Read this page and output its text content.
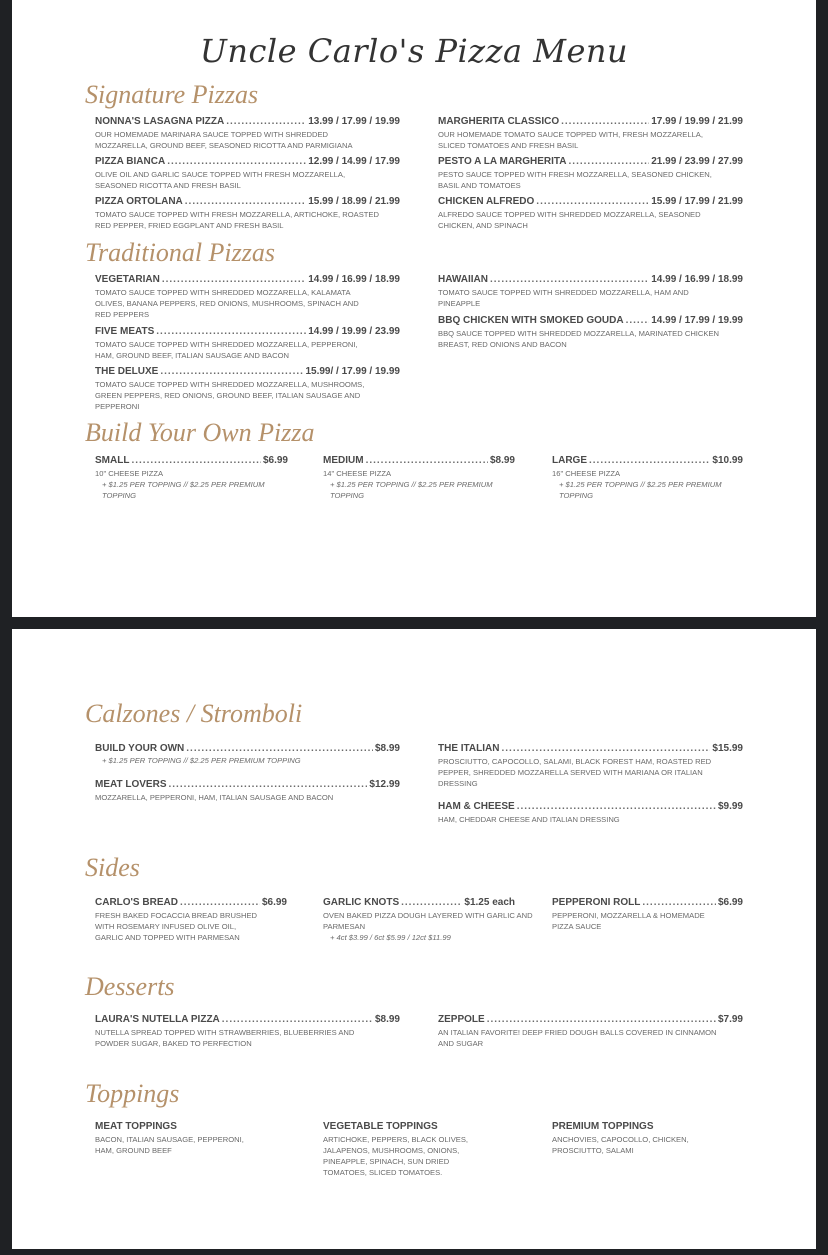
Uncle Carlo's Pizza Menu
Signature Pizzas
NONNA'S LASAGNA PIZZA .....	13.99 / 17.99 / 19.99
OUR HOMEMADE MARINARA SAUCE TOPPED WITH SHREDDED MOZZARELLA, GROUND BEEF, SEASONED RICOTTA AND PARMIGIANA
MARGHERITA CLASSICO .....	17.99 / 19.99 / 21.99
OUR HOMEMADE TOMATO SAUCE TOPPED WITH, FRESH MOZZARELLA, SLICED TOMATOES AND FRESH BASIL
PIZZA BIANCA .....	12.99 / 14.99 / 17.99
OLIVE OIL AND GARLIC SAUCE TOPPED WITH FRESH MOZZARELLA, SEASONED RICOTTA AND FRESH BASIL
PESTO A LA MARGHERITA .....	21.99 / 23.99 / 27.99
PESTO SAUCE TOPPED WITH FRESH MOZZARELLA, SEASONED CHICKEN, BASIL AND TOMATOES
PIZZA ORTOLANA .....	15.99 / 18.99 / 21.99
TOMATO SAUCE TOPPED WITH FRESH MOZZARELLA, ARTICHOKE, ROASTED RED PEPPER, FRIED EGGPLANT AND FRESH BASIL
CHICKEN ALFREDO .....	15.99 / 17.99 / 21.99
ALFREDO SAUCE TOPPED WITH SHREDDED MOZZARELLA, SEASONED CHICKEN, AND SPINACH
Traditional Pizzas
VEGETARIAN .....	14.99 / 16.99 / 18.99
TOMATO SAUCE TOPPED WITH SHREDDED MOZZARELLA, KALAMATA OLIVES, BANANA PEPPERS, RED ONIONS, MUSHROOMS, SPINACH AND RED PEPPERS
HAWAIIAN .....	14.99 / 16.99 / 18.99
TOMATO SAUCE TOPPED WITH SHREDDED MOZZARELLA, HAM AND PINEAPPLE
FIVE MEATS .....	14.99 / 19.99 / 23.99
TOMATO SAUCE TOPPED WITH SHREDDED MOZZARELLA, PEPPERONI, HAM, GROUND BEEF, ITALIAN SAUSAGE AND BACON
BBQ CHICKEN WITH SMOKED GOUDA .....	14.99 / 17.99 / 19.99
BBQ SAUCE TOPPED WITH SHREDDED MOZZARELLA, MARINATED CHICKEN BREAST, RED ONIONS AND BACON
THE DELUXE .....	15.99/ / 17.99 / 19.99
TOMATO SAUCE TOPPED WITH SHREDDED MOZZARELLA, MUSHROOMS, GREEN PEPPERS, RED ONIONS, GROUND BEEF, ITALIAN SAUSAGE AND PEPPERONI
Build Your Own Pizza
SMALL .....	$6.99
10" CHEESE PIZZA
+ $1.25 PER TOPPING // $2.25 PER PREMIUM TOPPING
MEDIUM .....	$8.99
14" CHEESE PIZZA
+ $1.25 PER TOPPING // $2.25 PER PREMIUM TOPPING
LARGE .....	$10.99
16" CHEESE PIZZA
+ $1.25 PER TOPPING // $2.25 PER PREMIUM TOPPING
Calzones / Stromboli
BUILD YOUR OWN .....	$8.99
+ $1.25 PER TOPPING // $2.25 PER PREMIUM TOPPING
THE ITALIAN .....	$15.99
PROSCIUTTO, CAPOCOLLO, SALAMI, BLACK FOREST HAM, ROASTED RED PEPPER, SHREDDED MOZZARELLA SERVED WITH MARIANA OR ITALIAN DRESSING
MEAT LOVERS .....	$12.99
MOZZARELLA, PEPPERONI, HAM, ITALIAN SAUSAGE AND BACON
HAM & CHEESE .....	$9.99
HAM, CHEDDAR CHEESE AND ITALIAN DRESSING
Sides
CARLO'S BREAD .....	$6.99
FRESH BAKED FOCACCIA BREAD BRUSHED WITH ROSEMARY INFUSED OLIVE OIL, GARLIC AND TOPPED WITH PARMESAN
GARLIC KNOTS .....	$1.25 each
OVEN BAKED PIZZA DOUGH LAYERED WITH GARLIC AND PARMESAN
+ 4ct $3.99 / 6ct $5.99 / 12ct $11.99
PEPPERONI ROLL .....	$6.99
PEPPERONI, MOZZARELLA & HOMEMADE PIZZA SAUCE
Desserts
LAURA'S NUTELLA PIZZA .....	$8.99
NUTELLA SPREAD TOPPED WITH STRAWBERRIES, BLUEBERRIES AND POWDER SUGAR, BAKED TO PERFECTION
ZEPPOLE .....	$7.99
AN ITALIAN FAVORITE! DEEP FRIED DOUGH BALLS COVERED IN CINNAMON AND SUGAR
Toppings
MEAT TOPPINGS
BACON, ITALIAN SAUSAGE, PEPPERONI, HAM, GROUND BEEF
VEGETABLE TOPPINGS
ARTICHOKE, PEPPERS, BLACK OLIVES, JALAPENOS, MUSHROOMS, ONIONS, PINEAPPLE, SPINACH, SUN DRIED TOMATOES, SLICED TOMATOES.
PREMIUM TOPPINGS
ANCHOVIES, CAPOCOLLO, CHICKEN, PROSCIUTTO, SALAMI
